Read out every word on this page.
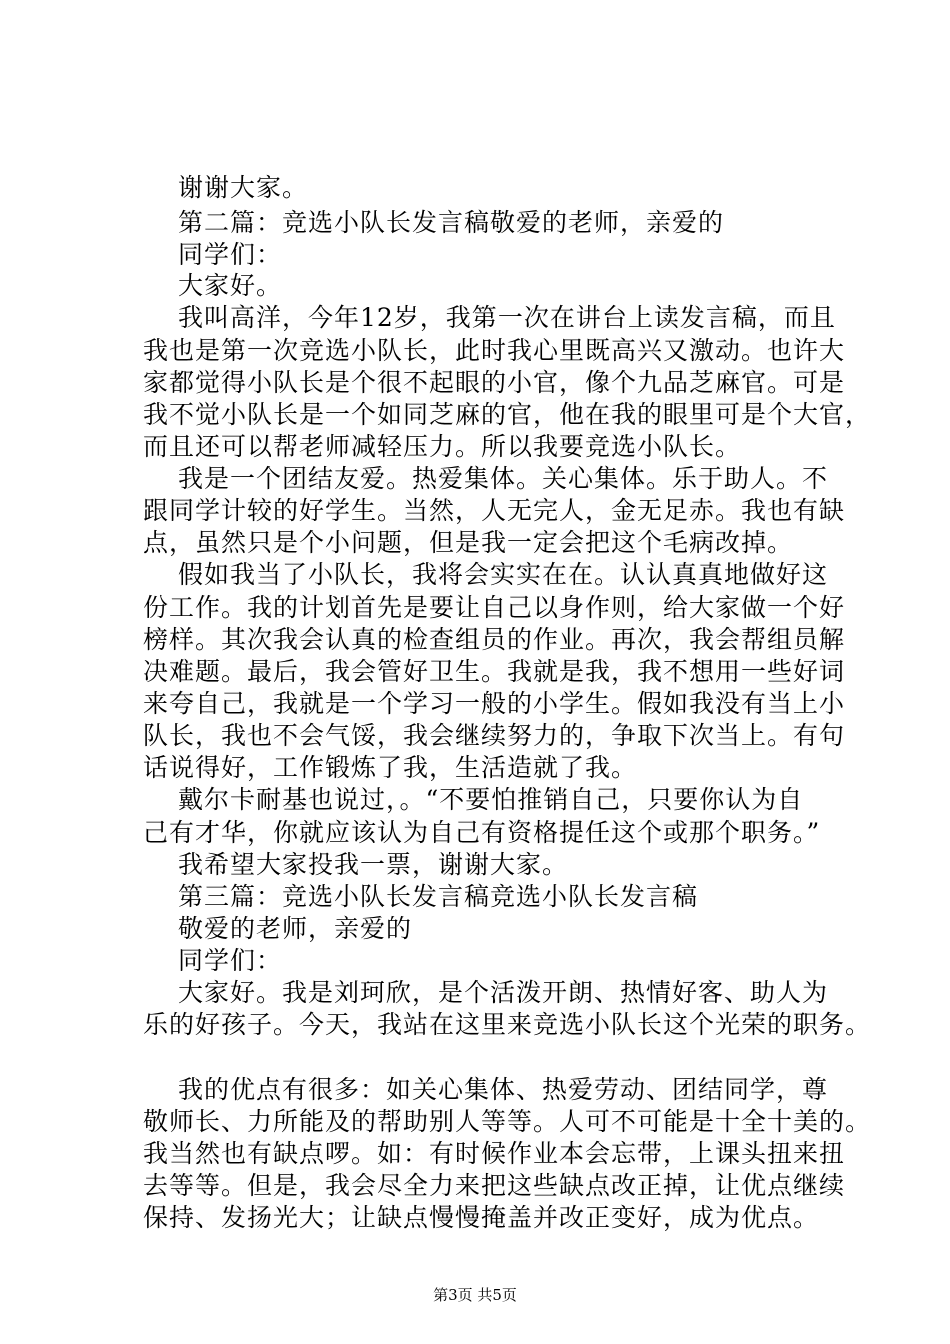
谢谢大家。
第二篇：竞选小队长发言稿敬爱的老师，亲爱的
同学们：
大家好。
我叫高洋，今年12岁，我第一次在讲台上读发言稿，而且
我也是第一次竞选小队长，此时我心里既高兴又激动。也许大
家都觉得小队长是个很不起眼的小官，像个九品芝麻官。可是
我不觉小队长是一个如同芝麻的官，他在我的眼里可是个大官，
而且还可以帮老师减轻压力。所以我要竞选小队长。
我是一个团结友爱。热爱集体。关心集体。乐于助人。不
跟同学计较的好学生。当然，人无完人，金无足赤。我也有缺
点，虽然只是个小问题，但是我一定会把这个毛病改掉。
假如我当了小队长，我将会实实在在。认认真真地做好这
份工作。我的计划首先是要让自己以身作则，给大家做一个好
榜样。其次我会认真的检查组员的作业。再次，我会帮组员解
决难题。最后，我会管好卫生。我就是我，我不想用一些好词
来夸自己，我就是一个学习一般的小学生。假如我没有当上小
队长，我也不会气馁，我会继续努力的，争取下次当上。有句
话说得好，工作锻炼了我，生活造就了我。
戴尔卡耐基也说过，。“不要怕推销自己，只要你认为自
己有才华，你就应该认为自己有资格提任这个或那个职务。”
我希望大家投我一票，谢谢大家。
第三篇：竞选小队长发言稿竞选小队长发言稿
敬爱的老师，亲爱的
同学们：
大家好。我是刘珂欣，是个活泼开朗、热情好客、助人为
乐的好孩子。今天，我站在这里来竞选小队长这个光荣的职务。
我的优点有很多：如关心集体、热爱劳动、团结同学，尊
敬师长、力所能及的帮助别人等等。人可不可能是十全十美的。
我当然也有缺点啰。如：有时候作业本会忘带，上课头扭来扭
去等等。但是，我会尽全力来把这些缺点改正掉，让优点继续
保持、发扬光大；让缺点慢慢掩盖并改正变好，成为优点。
第3页 共5页
